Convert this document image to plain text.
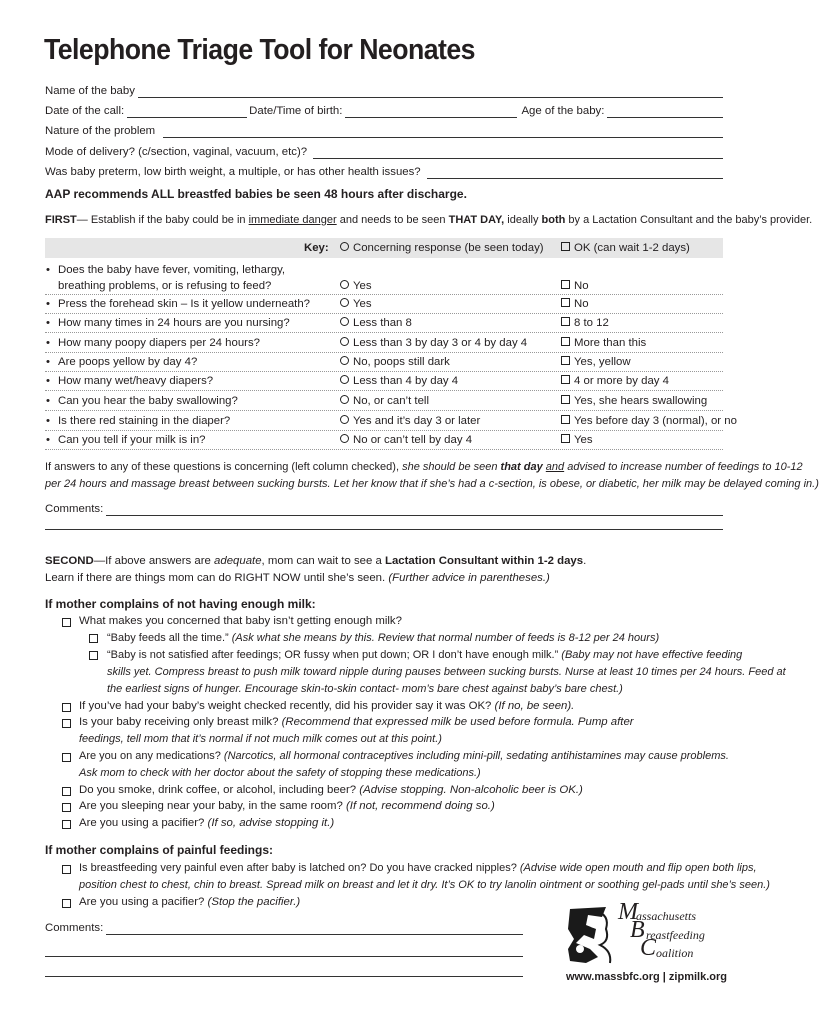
Telephone Triage Tool for Neonates
Name of the baby
Date of the call:	Date/Time of birth:	Age of the baby:
Nature of the problem
Mode of delivery? (c/section, vaginal, vacuum, etc)?
Was baby preterm, low birth weight, a multiple, or has other health issues?
AAP recommends ALL breastfed babies be seen 48 hours after discharge.
FIRST— Establish if the baby could be in immediate danger and needs to be seen THAT DAY, ideally both by a Lactation Consultant and the baby’s provider.
Key:	Concerning response (be seen today)	OK (can wait 1-2 days)
• Does the baby have fever, vomiting, lethargy,
breathing problems, or is refusing to feed?	Yes	No
• Press the forehead skin – Is it yellow underneath?	Yes	No
• How many times in 24 hours are you nursing?	Less than 8	8 to 12
• How many poopy diapers per 24 hours?	Less than 3 by day 3 or 4 by day 4	More than this
• Are poops yellow by day 4?	No, poops still dark	Yes, yellow
• How many wet/heavy diapers?	Less than 4 by day 4	4 or more by day 4
• Can you hear the baby swallowing?	No, or can’t tell	Yes, she hears swallowing
• Is there red staining in the diaper?	Yes and it’s day 3 or later	Yes before day 3 (normal), or no
• Can you tell if your milk is in?	No or can’t tell by day 4	Yes
If answers to any of these questions is concerning (left column checked), she should be seen that day and advised to increase number of feedings to 10-12
per 24 hours and massage breast between sucking bursts. Let her know that if she’s had a c-section, is obese, or diabetic, her milk may be delayed coming in.)
Comments:
SECOND—If above answers are adequate, mom can wait to see a Lactation Consultant within 1-2 days.
Learn if there are things mom can do RIGHT NOW until she’s seen. (Further advice in parentheses.)
If mother complains of not having enough milk:
What makes you concerned that baby isn’t getting enough milk?
“Baby feeds all the time.” (Ask what she means by this. Review that normal number of feeds is 8-12 per 24 hours)
“Baby is not satisfied after feedings; OR fussy when put down; OR I don’t have enough milk.” (Baby may not have effective feeding
skills yet. Compress breast to push milk toward nipple during pauses between sucking bursts. Nurse at least 10 times per 24 hours. Feed at
the earliest signs of hunger. Encourage skin-to-skin contact- mom’s bare chest against baby’s bare chest.)
If you’ve had your baby’s weight checked recently, did his provider say it was OK? (If no, be seen).
Is your baby receiving only breast milk? (Recommend that expressed milk be used before formula. Pump after
feedings, tell mom that it’s normal if not much milk comes out at this point.)
Are you on any medications? (Narcotics, all hormonal contraceptives including mini-pill, sedating antihistamines may cause problems.
Ask mom to check with her doctor about the safety of stopping these medications.)
Do you smoke, drink coffee, or alcohol, including beer? (Advise stopping. Non-alcoholic beer is OK.)
Are you sleeping near your baby, in the same room? (If not, recommend doing so.)
Are you using a pacifier? (If so, advise stopping it.)
If mother complains of painful feedings:
Is breastfeeding very painful even after baby is latched on? Do you have cracked nipples? (Advise wide open mouth and flip open both lips,
position chest to chest, chin to breast. Spread milk on breast and let it dry. It’s OK to try lanolin ointment or soothing gel-pads until she’s seen.)
Are you using a pacifier? (Stop the pacifier.)
Comments:
M
assachusetts
B reastfeeding
C oalition
www.massbfc.org | zipmilk.org
